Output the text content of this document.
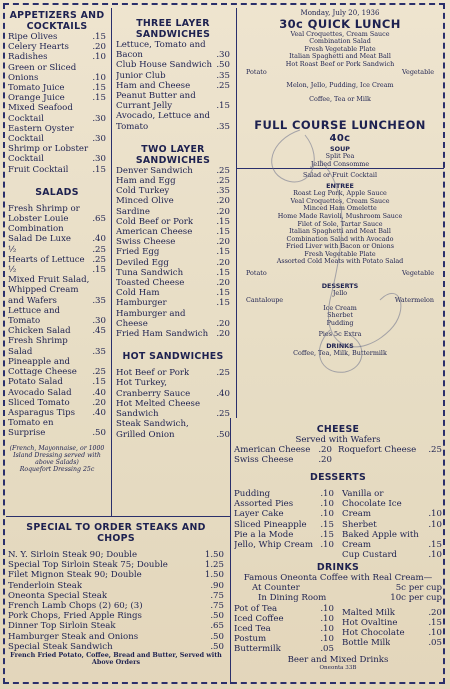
APPETIZERS AND COCKTAILS
Ripe Olives	.15
Celery Hearts	.20
Radishes	.10
Green or Sliced Onions	.10
Tomato Juice	.15
Orange Juice	.15
Mixed Seafood Cocktail	.30
Eastern Oyster Cocktail	.30
Shrimp or Lobster Cocktail	.30
Fruit Cocktail	.15
SALADS
Fresh Shrimp or Lobster Louie	.65
Combination Salad De Luxe	.40
½	.25
Hearts of Lettuce .25
½	.15
Mixed Fruit Salad, Whipped Cream and Wafers	.35
Lettuce and Tomato	.30
Chicken Salad	.45
Fresh Shrimp Salad	.35
Pineapple and Cottage Cheese	.25
Potato Salad	.15
Avocado Salad .40
Sliced Tomato	.20
Asparagus Tips .40
Tomato en Surprise	.50
(French, Mayonnaise, or 1000 Island Dressing served with above Salads)
Roquefort Dressing 25c
THREE LAYER SANDWICHES
Lettuce, Tomato and Bacon	.30
Club House Sandwich .50
Junior Club	.35
Ham and Cheese	.25
Peanut Butter and Currant Jelly	.15
Avocado, Lettuce and Tomato	.35
TWO LAYER SANDWICHES
Denver Sandwich	.25
Ham and Egg	.25
Cold Turkey	.35
Minced Olive	.20
Sardine	.20
Cold Beef or Pork	.15
American Cheese	.15
Swiss Cheese	.20
Fried Egg	.15
Deviled Egg	.20
Tuna Sandwich	.15
Toasted Cheese	.20
Cold Ham	.15
Hamburger	.15
Hamburger and Cheese	.20
Fried Ham Sandwich .20
HOT SANDWICHES
Hot Beef or Pork	.25
Hot Turkey, Cranberry Sauce	.40
Hot Melted Cheese Sandwich	.25
Steak Sandwich, Grilled Onion	.50
SPECIAL TO ORDER STEAKS AND CHOPS
N. Y. Sirloin Steak 90; Double	1.50
Special Top Sirloin Steak 75; Double	1.25
Filet Mignon Steak 90; Double	1.50
Tenderloin Steak	.90
Oneonta Special Steak	.75
French Lamb Chops (2) 60; (3)	.75
Pork Chops, Fried Apple Rings	.50
Dinner Top Sirloin Steak	.65
Hamburger Steak and Onions	.50
Special Steak Sandwich	.50
French Fried Potato, Coffee, Bread and Butter, Served with Above Orders
Monday, July 20, 1936
30c QUICK LUNCH
Veal Croquettes, Cream Sauce
Combination Salad
Fresh Vegetable Plate
Italian Spaghetti and Meat Ball
Hot Roast Beef or Pork Sandwich
Potato	Vegetable
Melon, Jello, Pudding, Ice Cream
Coffee, Tea or Milk
FULL COURSE LUNCHEON
40c
SOUP
Split Pea
Jellied Consomme
Salad or Fruit Cocktail
ENTREE
Roast Leg Pork, Apple Sauce
Veal Croquettes, Cream Sauce
Minced Ham Omelette
Home Made Ravioli, Mushroom Sauce
Filet of Sole, Tartar Sauce
Italian Spaghetti and Meat Ball
Combination Salad with Avocado
Fried Liver with Bacon or Onions
Fresh Vegetable Plate
Assorted Cold Meats with Potato Salad
Potato	Vegetable
DESSERTS
Jello
Cantaloupe	Watermelon
Ice Cream
Sherbet
Pudding
Pies 5c Extra
DRINKS
Coffee, Tea, Milk, Buttermilk
CHEESE
Served with Wafers
American Cheese .20
Swiss Cheese	.20
Roquefort Cheese .25
DESSERTS
Pudding	.10
Assorted Pies	.10
Layer Cake	.10
Sliced Pineapple .15
Pie a la Mode	.15
Jello, Whip Cream .10
Vanilla or Chocolate Ice Cream	.10
Sherbet	.10
Baked Apple with Cream	.15
Cup Custard	.10
DRINKS
Famous Oneonta Coffee with Real Cream—
At Counter	5c per cup
In Dining Room	10c per cup
Pot of Tea	.10
Iced Coffee	.10
Iced Tea	.10
Postum	.10
Buttermilk	.05
Malted Milk	.20
Hot Ovaltine	.15
Hot Chocolate	.10
Bottle Milk	.05
Beer and Mixed Drinks
Oneonta 33B
